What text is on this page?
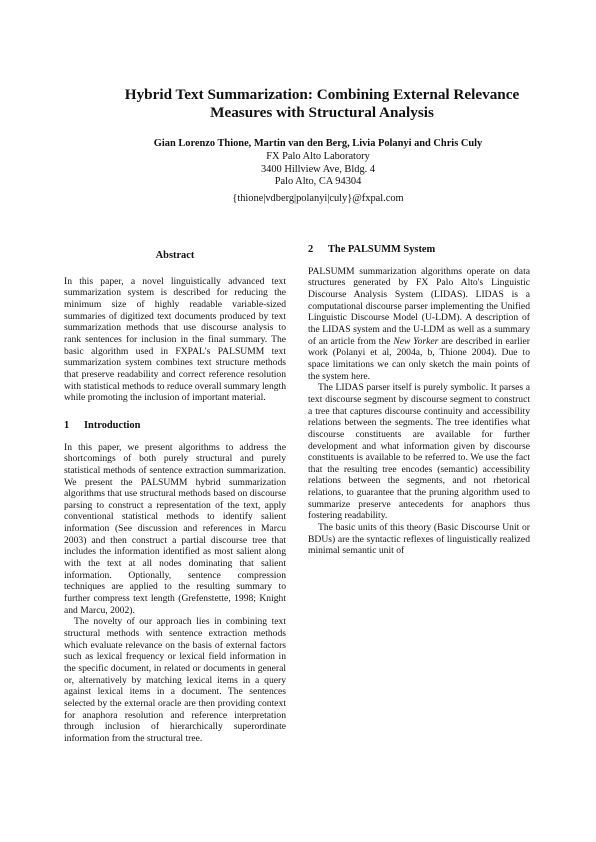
Hybrid Text Summarization: Combining External Relevance Measures with Structural Analysis
Gian Lorenzo Thione, Martin van den Berg, Livia Polanyi and Chris Culy
FX Palo Alto Laboratory
3400 Hillview Ave, Bldg. 4
Palo Alto, CA 94304
{thione|vdberg|polanyi|culy}@fxpal.com
Abstract

In this paper, a novel linguistically advanced text summarization system is described for reducing the minimum size of highly readable variable-sized summaries of digitized text documents produced by text summarization methods that use discourse analysis to rank sentences for inclusion in the final summary. The basic algorithm used in FXPAL's PALSUMM text summarization system combines text structure methods that preserve readability and correct reference resolution with statistical methods to reduce overall summary length while promoting the inclusion of important material.

1 Introduction

In this paper, we present algorithms to address the shortcomings of both purely structural and purely statistical methods of sentence extraction summarization. We present the PALSUMM hybrid summarization algorithms that use structural methods based on discourse parsing to construct a representation of the text, apply conventional statistical methods to identify salient information (See discussion and references in Marcu 2003) and then construct a partial discourse tree that includes the information identified as most salient along with the text at all nodes dominating that salient information. Optionally, sentence compression techniques are applied to the resulting summary to further compress text length (Grefenstette, 1998; Knight and Marcu, 2002).

The novelty of our approach lies in combining text structural methods with sentence extraction methods which evaluate relevance on the basis of external factors such as lexical frequency or lexical field information in the specific document, in related or documents in general or, alternatively by matching lexical items in a query against lexical items in a document. The sentences selected by the external oracle are then providing context for anaphora resolution and reference interpretation through inclusion of hierarchically superordinate information from the structural tree.

2 The PALSUMM System

PALSUMM summarization algorithms operate on data structures generated by FX Palo Alto's Linguistic Discourse Analysis System (LIDAS). LIDAS is a computational discourse parser implementing the Unified Linguistic Discourse Model (U-LDM). A description of the LIDAS system and the U-LDM as well as a summary of an article from the New Yorker are described in earlier work (Polanyi et al, 2004a, b, Thione 2004). Due to space limitations we can only sketch the main points of the system here.

The LIDAS parser itself is purely symbolic. It parses a text discourse segment by discourse segment to construct a tree that captures discourse continuity and accessibility relations between the segments. The tree identifies what discourse constituents are available for further development and what information given by discourse constituents is available to be referred to. We use the fact that the resulting tree encodes (semantic) accessibility relations between the segments, and not rhetorical relations, to guarantee that the pruning algorithm used to summarize preserve antecedents for anaphors thus fostering readability.

The basic units of this theory (Basic Discourse Unit or BDUs) are the syntactic reflexes of linguistically realized minimal semantic unit of
